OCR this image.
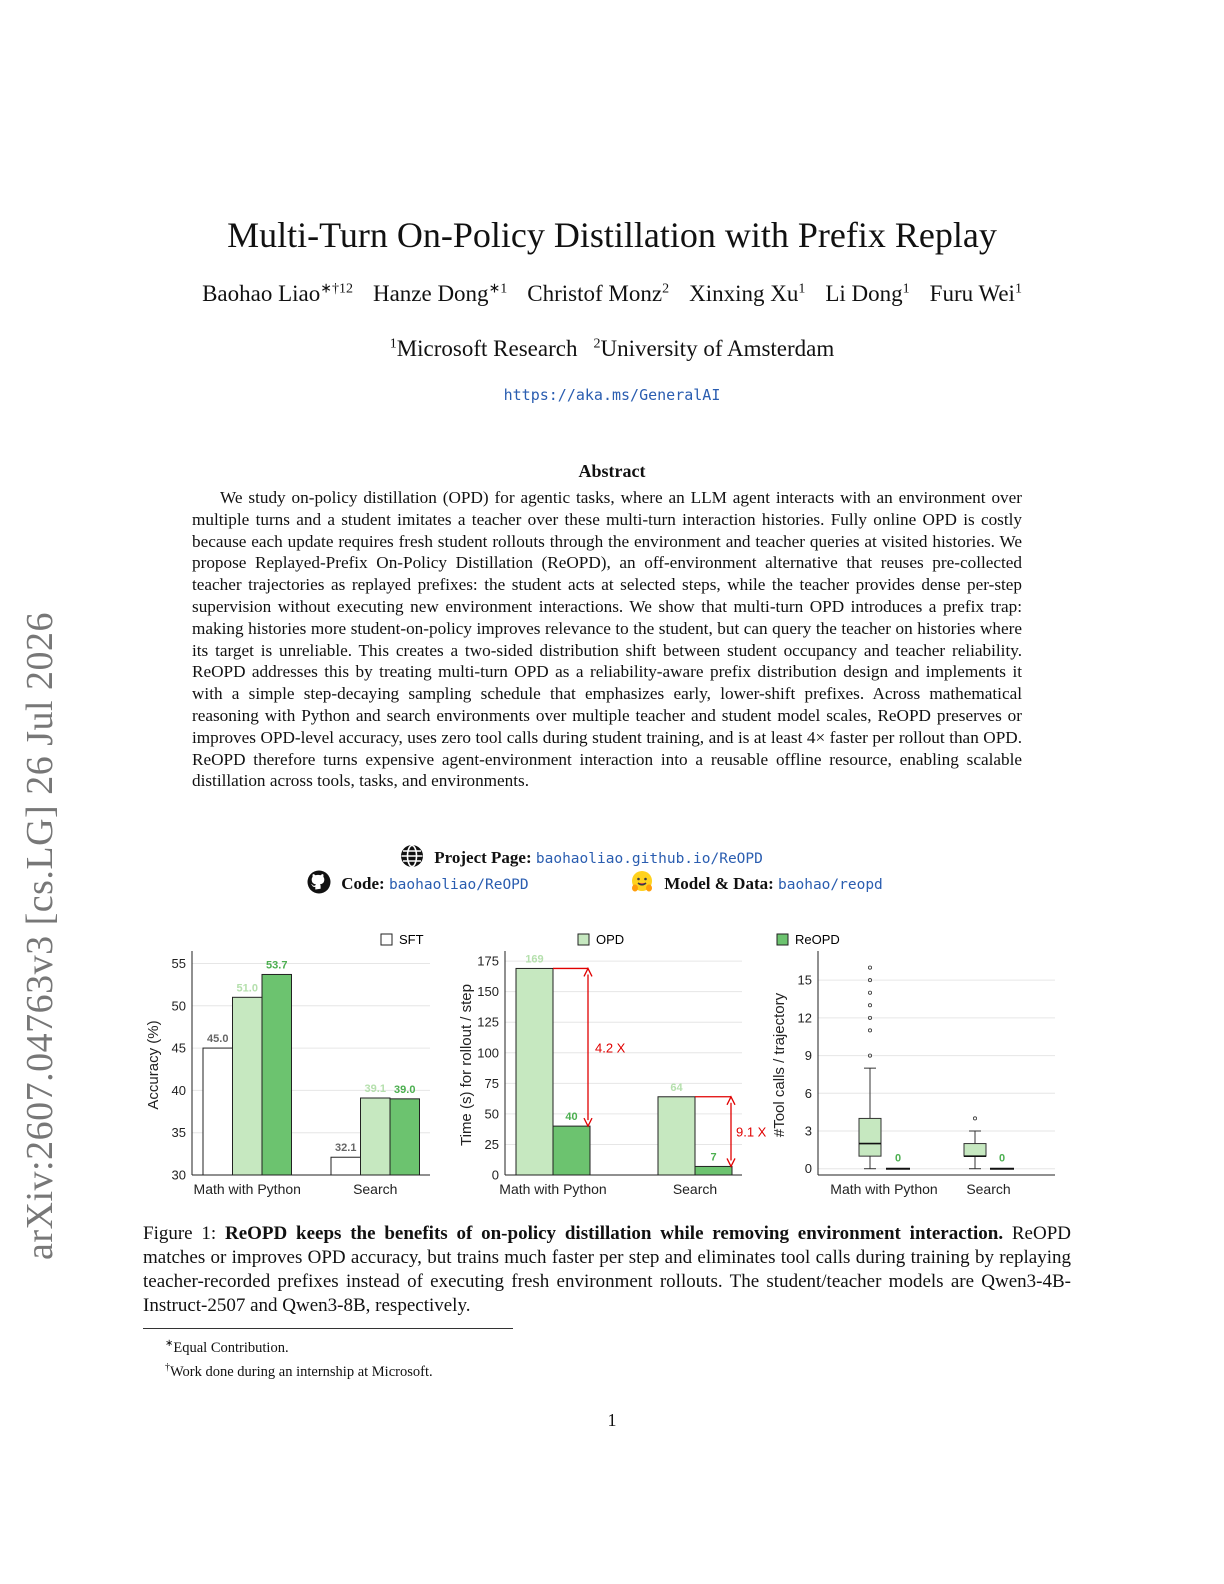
arXiv:2607.04763v3 [cs.LG] 26 Jul 2026
Multi-Turn On-Policy Distillation with Prefix Replay
Baohao Liao$^{∗\dagger 12}$ Hanze Dong$^{∗1}$ Christof Monz$^2$ Xinxing Xu$^1$ Li Dong$^1$ Furu Wei$^1$
$^1$Microsoft Research $^2$University of Amsterdam
https://aka.ms/GeneralAI
Abstract
We study on-policy distillation (OPD) for agentic tasks, where an LLM agent interacts with an environment over multiple turns and a student imitates a teacher over these multi-turn interaction histories. Fully online OPD is costly because each update requires fresh student rollouts through the environment and teacher queries at visited histories. We propose Replayed-Prefix On-Policy Distillation (ReOPD), an off-environment alternative that reuses pre-collected teacher trajectories as replayed prefixes: the student acts at selected steps, while the teacher provides dense per-step supervision without executing new environment interactions. We show that multi-turn OPD introduces a prefix trap: making histories more student-on-policy improves relevance to the student, but can query the teacher on histories where its target is unreliable. This creates a two-sided distribution shift between student occupancy and teacher reliability. ReOPD addresses this by treating multi-turn OPD as a reliability-aware prefix distribution design and implements it with a simple step-decaying sampling schedule that emphasizes early, lower-shift prefixes. Across mathematical reasoning with Python and search environments over multiple teacher and student model scales, ReOPD preserves or improves OPD-level accuracy, uses zero tool calls during student training, and is at least 4× faster per rollout than OPD. ReOPD therefore turns expensive agent-environment interaction into a reusable offline resource, enabling scalable distillation across tools, tasks, and environments.
Project Page: baohaoliao.github.io/ReOPD
Code: baohaoliao/ReOPD	Model & Data: baohao/reopd
SFT	OPD	ReOPD
30
35
40
45
50
55
Accuracy (%)	45.0
51.0
53.7
Math with Python
32.1
39.1 39.0
Search
0
25
50
75
100
125
150
175
Time (s) for rollout / step
169
40
Math with Python
64
7
Search
4.2 X
9.1 X
0
3
6
9
12
15
#Tool calls / trajectory
0
Math with Python
0
Search
Figure 1: ReOPD keeps the benefits of on-policy distillation while removing environment interaction. ReOPD matches or improves OPD accuracy, but trains much faster per step and eliminates tool calls during training by replaying teacher-recorded prefixes instead of executing fresh environment rollouts. The student/teacher models are Qwen3-4B-Instruct-2507 and Qwen3-8B, respectively.
∗Equal Contribution.
†Work done during an internship at Microsoft.
1
